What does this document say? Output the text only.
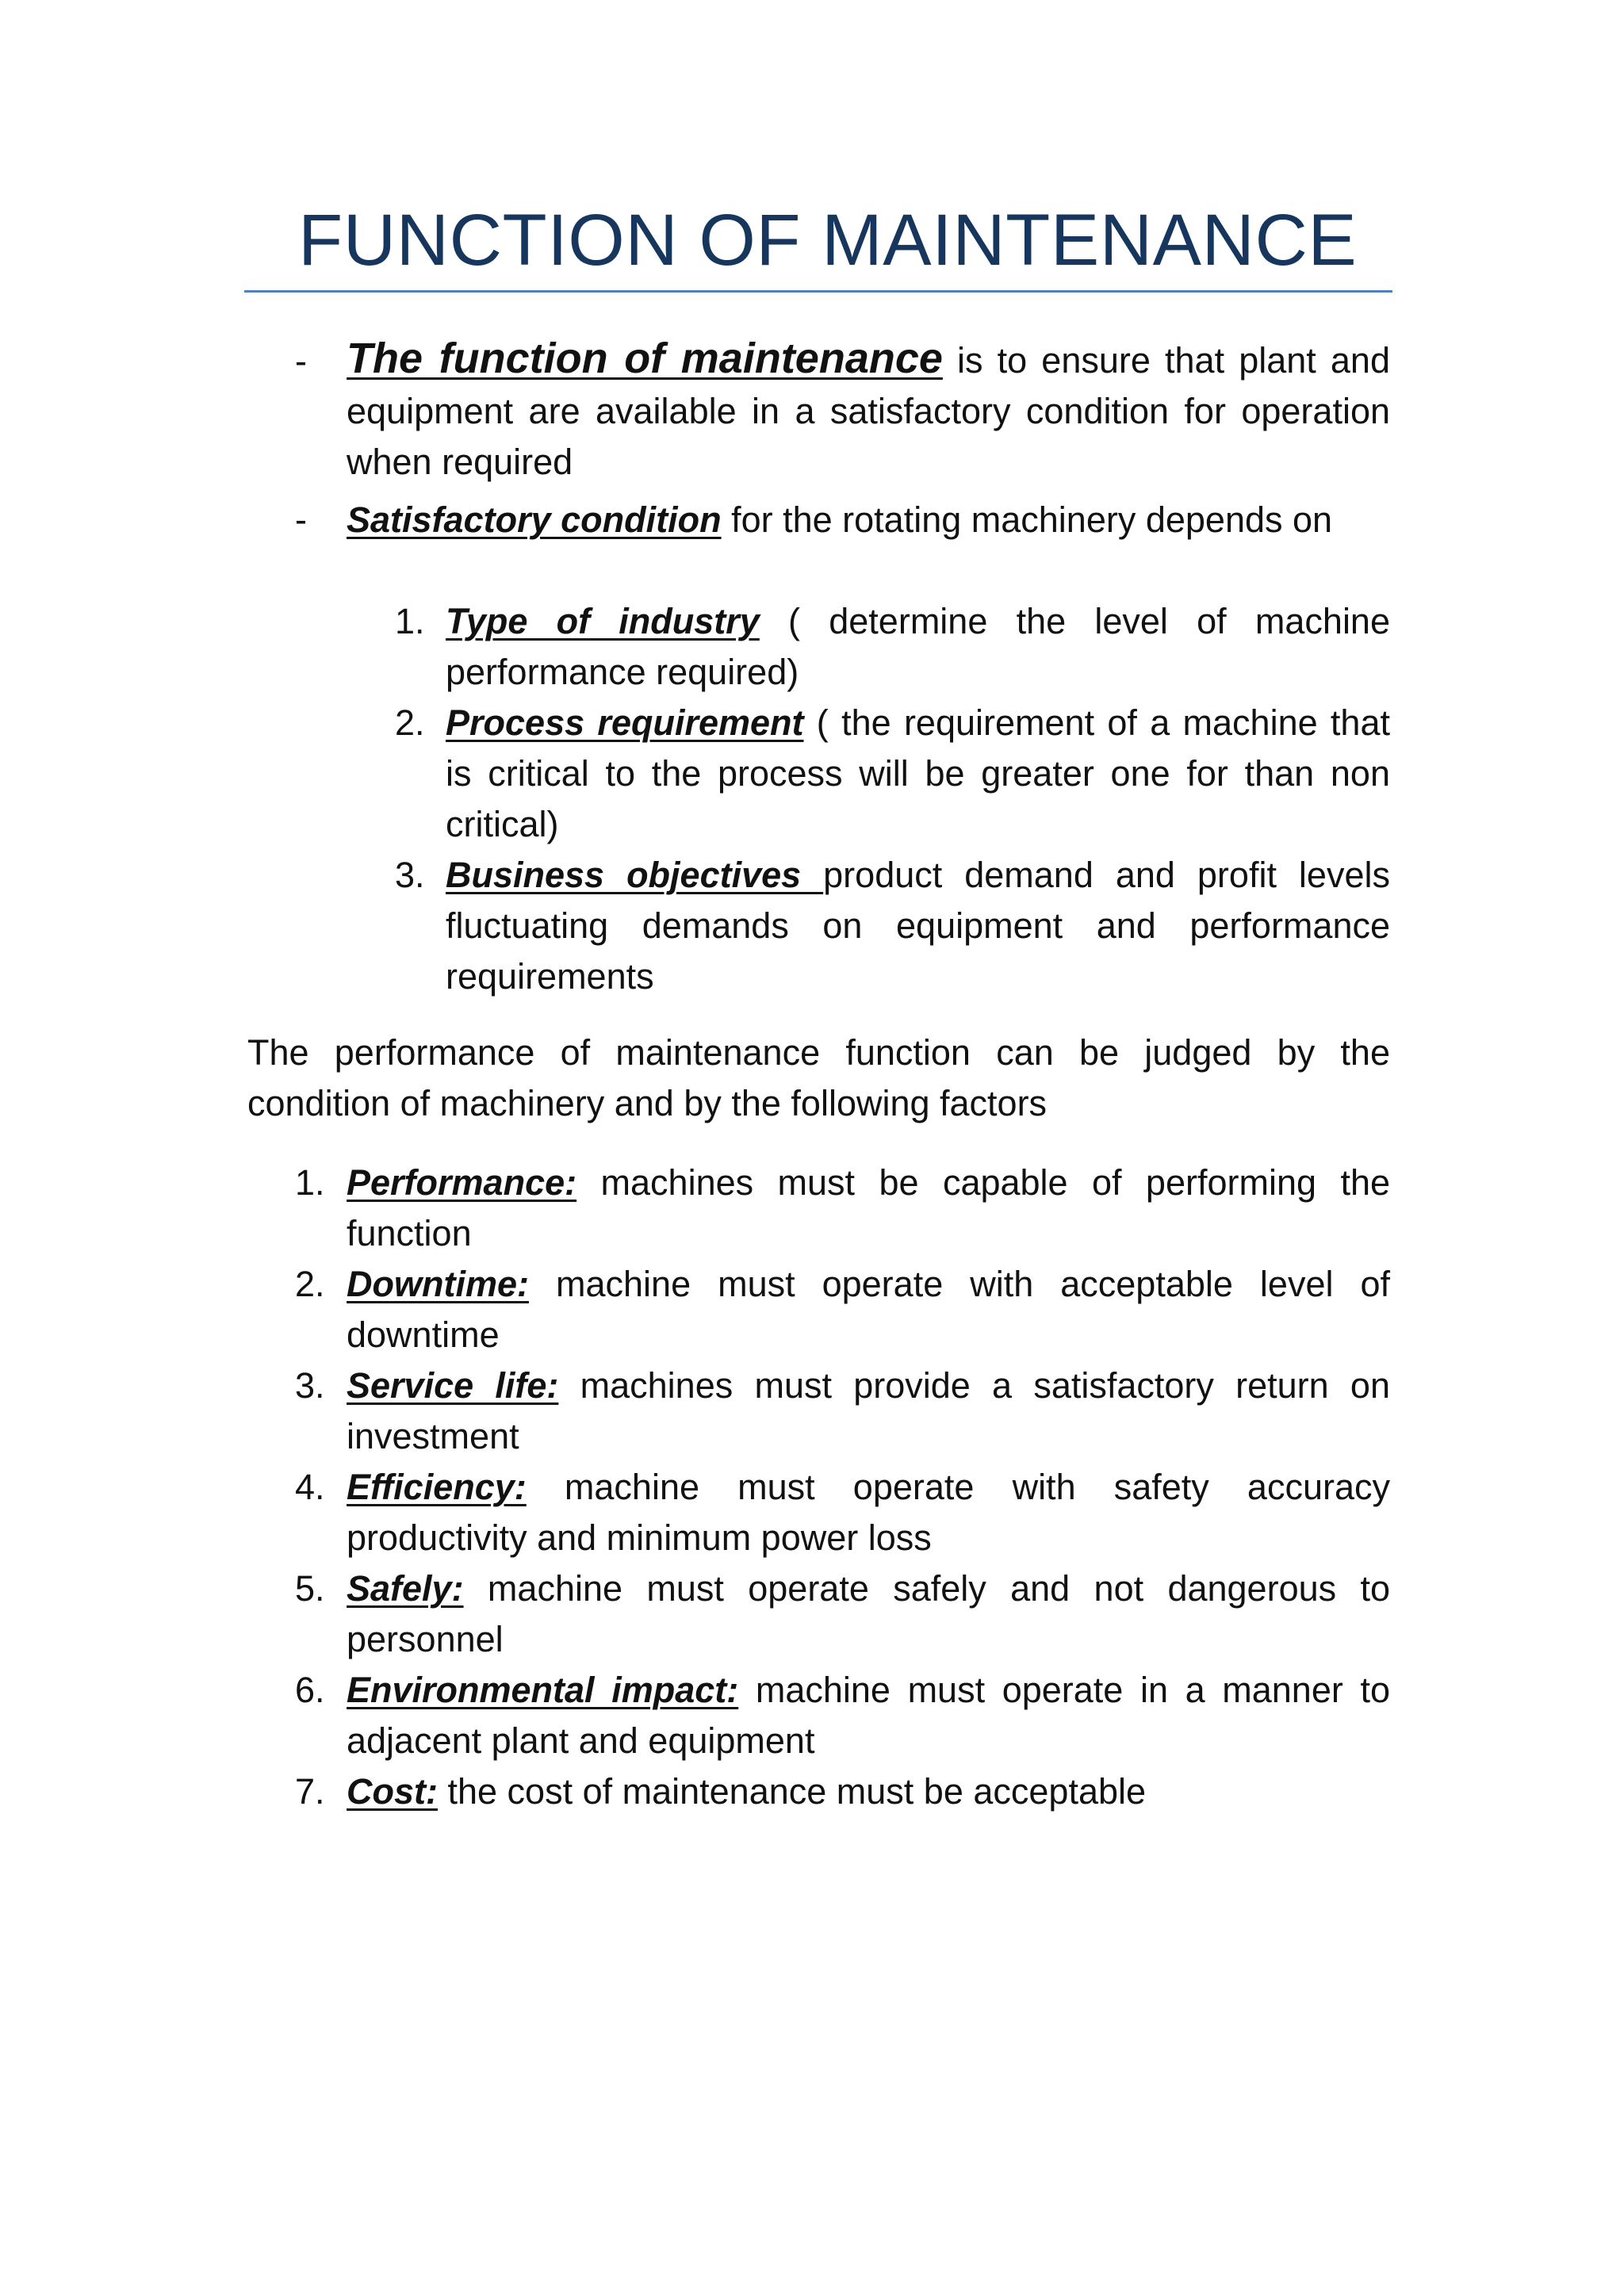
FUNCTION OF MAINTENANCE
- The function of maintenance is to ensure that plant and equipment are available in a satisfactory condition for operation when required
- Satisfactory condition for the rotating machinery depends on
1. Type of industry ( determine the level of machine performance required)
2. Process requirement ( the requirement of a machine that is critical to the process will be greater one for than non critical)
3. Business objectives product demand and profit levels fluctuating demands on equipment and performance requirements
The performance of maintenance function can be judged by the condition of machinery and by the following factors
1. Performance: machines must be capable of performing the function
2. Downtime: machine must operate with acceptable level of downtime
3. Service life: machines must provide a satisfactory return on investment
4. Efficiency: machine must operate with safety accuracy productivity and minimum power loss
5. Safely: machine must operate safely and not dangerous to personnel
6. Environmental impact: machine must operate in a manner to adjacent plant and equipment
7. Cost: the cost of maintenance must be acceptable
